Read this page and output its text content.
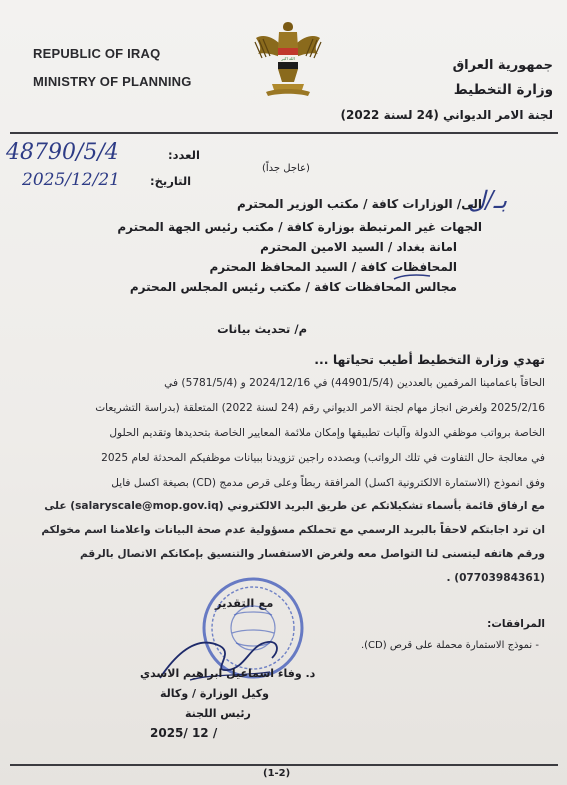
REPUBLIC OF IRAQ
MINISTRY OF PLANNING
الله اكبر	جمهورية العراق
وزارة التخطيط
لجنة الامر الديواني (24 لسنة 2022)
العدد:
48790/5/4
التاريخ:
2025/12/21
(عاجل جداً)
بـ/ل
الى/ الوزارات كافة / مكتب الوزير المحترم
الجهات غير المرتبطة بوزارة كافة / مكتب رئيس الجهة المحترم
امانة بغداد / السيد الامين المحترم
المحافظات كافة / السيد المحافظ المحترم
مجالس المحافظات كافة / مكتب رئيس المجلس المحترم
م/ تحديث بيانات
تهدي وزارة التخطيط أطيب تحياتها ...
الحاقاً باعمامينا المرقمين بالعددين (44901/5/4) في 2024/12/16 و (5781/5/4) في
2025/2/16 ولغرض انجاز مهام لجنة الامر الديواني رقم (24 لسنة 2022) المتعلقة (بدراسة التشريعات
الخاصة برواتب موظفي الدولة وآليات تطبيقها وإمكان ملائمة المعايير الخاصة بتحديدها وتقديم الحلول
في معالجة حال التفاوت في تلك الرواتب) وبصدده راجين تزويدنا ببيانات موظفيكم المحدثة لعام 2025
وفق انموذج (الاستمارة الالكترونية اكسل) المرافقة ربطاً وعلى قرص مدمج (CD) بصيغة اكسل فايل
مع ارفاق قائمة بأسماء تشكيلاتكم عن طريق البريد الالكتروني (salaryscale@mop.gov.iq) على
ان ترد اجابتكم لاحقاً بالبريد الرسمي مع تحملكم مسؤولية عدم صحة البيانات واعلامنا اسم مخولكم
ورقم هاتفه ليتسنى لنا التواصل معه ولغرض الاستفسار والتنسيق بإمكانكم الاتصال بالرقم
(07703984361) .
مع التقدير
المرافقات:
- نموذج الاستمارة محملة على قرص (CD).
د. وفاء اسماعيل ابراهيم الاسدي
وكيل الوزارة / وكالة
رئيس اللجنة
2025/ 12 /
(1-2)
